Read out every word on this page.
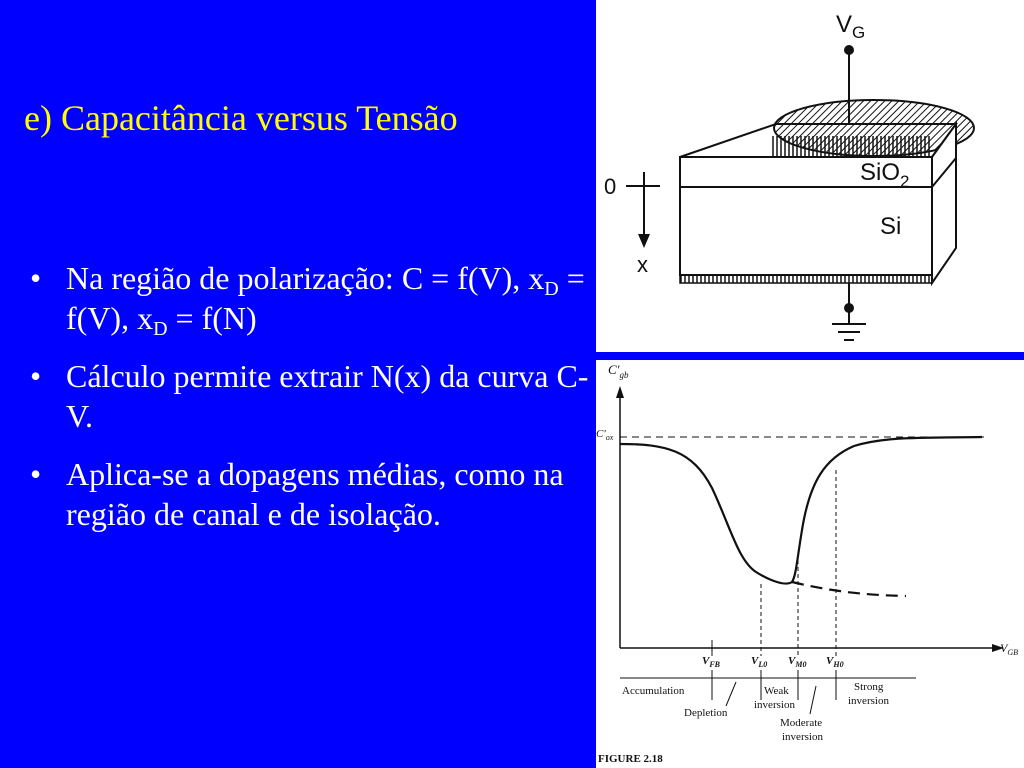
e) Capacitância versus Tensão
• Na região de polarização: C = f(V), $x_D = f(V)$, $x_D = f(N)$
• Cálculo permite extrair N(x) da curva C-V.
• Aplica-se a dopagens médias, como na região de canal e de isolação.
$V_G$
SiO$_2$
Si
0
x
$C'_{gb}$
$C'_{ox}$
$V_{GB}$
$V_{FB}$	$V_{L0}$ $V_{M0}$ $V_{H0}$
Accumulation
Depletion
Weak
inversion
Moderate
inversion
Strong
inversion
FIGURE 2.18
